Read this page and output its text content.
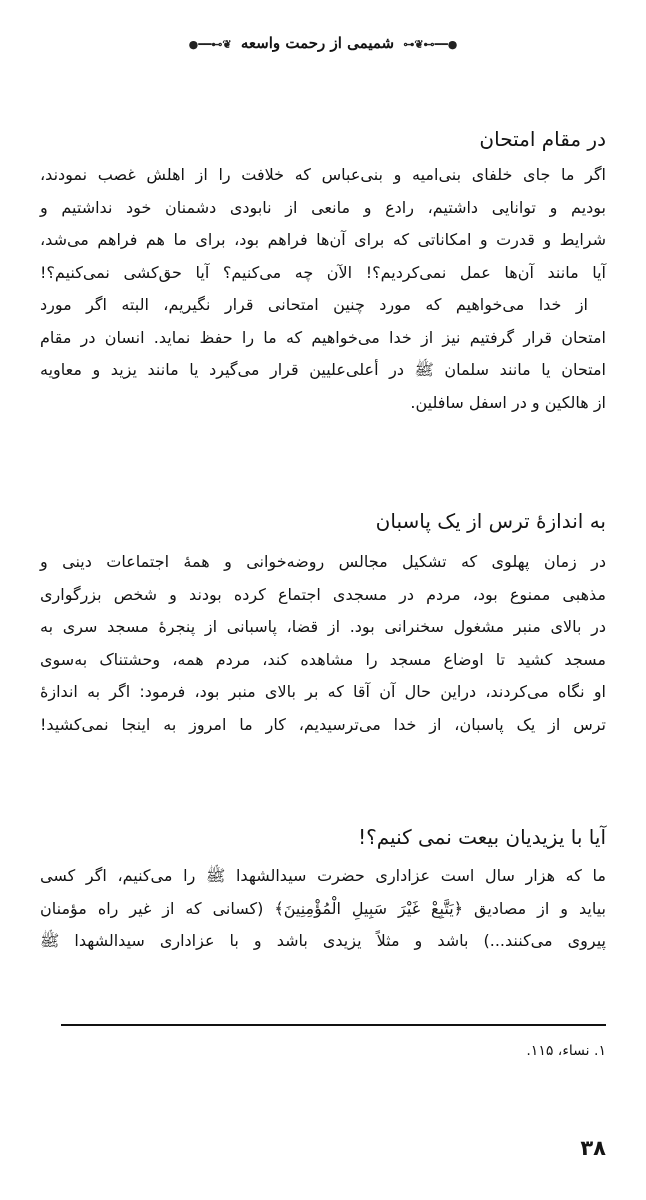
●━━⊶❦⊷ شمیمی از رحمت واسعه ❦⊶━━●
در مقام امتحان
اگر ما جای خلفای بنی‌امیه و بنی‌عباس که خلافت را از اهلش غصب نمودند،
بودیم و توانایی داشتیم، رادع و مانعی از نابودی دشمنان خود نداشتیم و
شرایط و قدرت و امکاناتی که برای آن‌ها فراهم بود، برای ما هم فراهم می‌شد،
آیا مانند آن‌ها عمل نمی‌کردیم؟! الآن چه می‌کنیم؟ آیا حق‌کشی نمی‌کنیم؟!
از خدا می‌خواهیم که مورد چنین امتحانی قرار نگیریم، البته اگر مورد
امتحان قرار گرفتیم نیز از خدا می‌خواهیم که ما را حفظ نماید. انسان در مقام
امتحان یا مانند سلمان ﷺ در أعلی‌علیین قرار می‌گیرد یا مانند یزید و معاویه
از هالکین و در اسفل سافلین.
به اندازهٔ ترس از یک پاسبان
در زمان پهلوی که تشکیل مجالس روضه‌خوانی و همهٔ اجتماعات دینی و
مذهبی ممنوع بود، مردم در مسجدی اجتماع کرده بودند و شخص بزرگواری
در بالای منبر مشغول سخنرانی بود. از قضا، پاسبانی از پنجرهٔ مسجد سری به
مسجد کشید تا اوضاع مسجد را مشاهده کند، مردم همه، وحشتناک به‌سوی
او نگاه می‌کردند، دراین حال آن آقا که بر بالای منبر بود، فرمود: اگر به اندازهٔ
ترس از یک پاسبان، از خدا می‌ترسیدیم، کار ما امروز به اینجا نمی‌کشید!
آیا با یزیدیان بیعت نمی کنیم؟!
ما که هزار سال است عزاداری حضرت سیدالشهدا ﷺ را می‌کنیم، اگر کسی
بیاید و از مصادیق ﴿يَتَّبِعْ غَيْرَ سَبِيلِ الْمُؤْمِنِينَ﴾ (کسانی که از غیر راه مؤمنان
پیروی می‌کنند...) باشد و مثلاً یزیدی باشد و با عزاداری سیدالشهدا ﷺ
۱. نساء، ۱۱۵.
۳۸
